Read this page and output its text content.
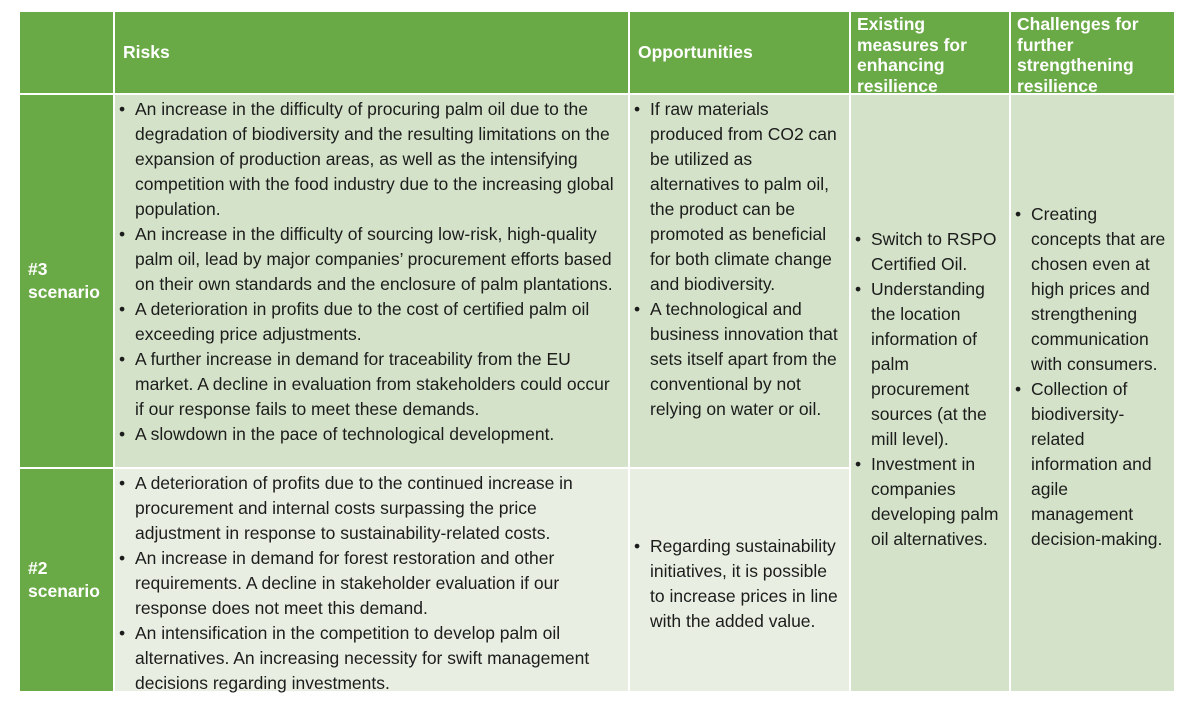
Risks	Opportunities
Existing measures for enhancing resilience
Challenges for further strengthening resilience
#3 scenario
• An increase in the difficulty of procuring palm oil due to the degradation of biodiversity and the resulting limitations on the expansion of production areas, as well as the intensifying competition with the food industry due to the increasing global population.
• An increase in the difficulty of sourcing low-risk, high-quality palm oil, lead by major companies’ procurement efforts based on their own standards and the enclosure of palm plantations.
• A deterioration in profits due to the cost of certified palm oil exceeding price adjustments.
• A further increase in demand for traceability from the EU market. A decline in evaluation from stakeholders could occur if our response fails to meet these demands.
• A slowdown in the pace of technological development.
• If raw materials produced from CO2 can be utilized as alternatives to palm oil, the product can be promoted as beneficial for both climate change and biodiversity.
• A technological and business innovation that sets itself apart from the conventional by not relying on water or oil.
• Switch to RSPO Certified Oil.
• Understanding the location information of palm procurement sources (at the mill level).
• Investment in companies developing palm oil alternatives.
• Creating concepts that are chosen even at high prices and strengthening communication with consumers.
• Collection of biodiversity-related information and agile management decision-making.
#2 scenario
• A deterioration of profits due to the continued increase in procurement and internal costs surpassing the price adjustment in response to sustainability-related costs.
• An increase in demand for forest restoration and other requirements. A decline in stakeholder evaluation if our response does not meet this demand.
• An intensification in the competition to develop palm oil alternatives. An increasing necessity for swift management decisions regarding investments.
• Regarding sustainability initiatives, it is possible to increase prices in line with the added value.
